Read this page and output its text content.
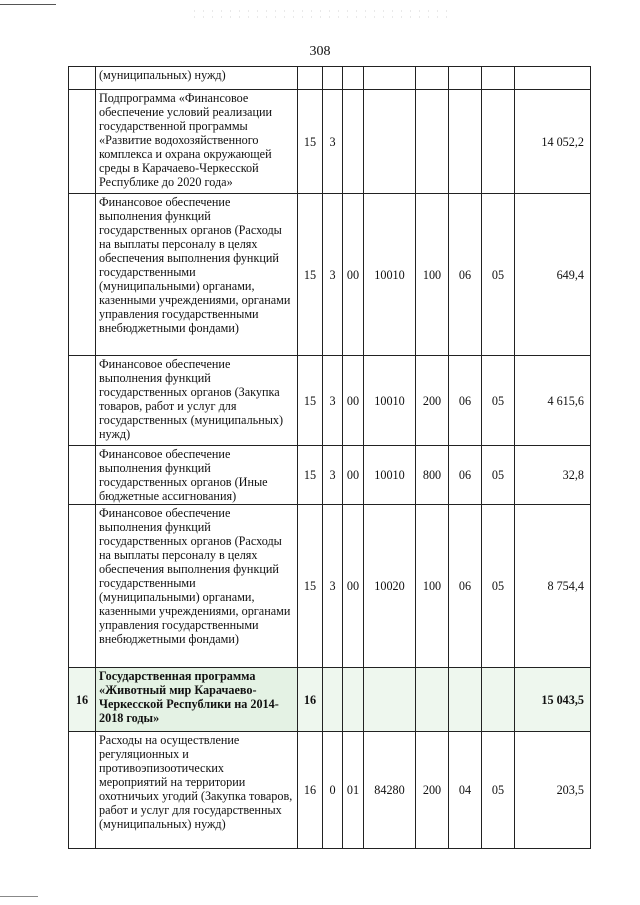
308
	(муниципальных) нужд)								
	Подпрограмма «Финансовое обеспечение условий реализации государственной программы «Развитие водохозяйственного комплекса и охрана окружающей среды в Карачаево-Черкесской Республике до 2020 года»	15	3						14 052,2
	Финансовое обеспечение выполнения функций государственных органов (Расходы на выплаты персоналу в целях обеспечения выполнения функций государственными (муниципальными) органами, казенными учреждениями, органами управления государственными внебюджетными фондами)	15	3	00	10010	100	06	05	649,4
	Финансовое обеспечение выполнения функций государственных органов (Закупка товаров, работ и услуг для государственных (муниципальных) нужд)	15	3	00	10010	200	06	05	4 615,6
	Финансовое обеспечение выполнения функций государственных органов (Иные бюджетные ассигнования)	15	3	00	10010	800	06	05	32,8
	Финансовое обеспечение выполнения функций государственных органов (Расходы на выплаты персоналу в целях обеспечения выполнения функций государственными (муниципальными) органами, казенными учреждениями, органами управления государственными внебюджетными фондами)	15	3	00	10020	100	06	05	8 754,4
16	Государственная программа «Животный мир Карачаево-Черкесской Республики на 2014-2018 годы»	16							15 043,5
	Расходы на осуществление регуляционных и противоэпизоотических мероприятий на территории охотничьих угодий (Закупка товаров, работ и услуг для государственных (муниципальных) нужд)	16	0	01	84280	200	04	05	203,5
